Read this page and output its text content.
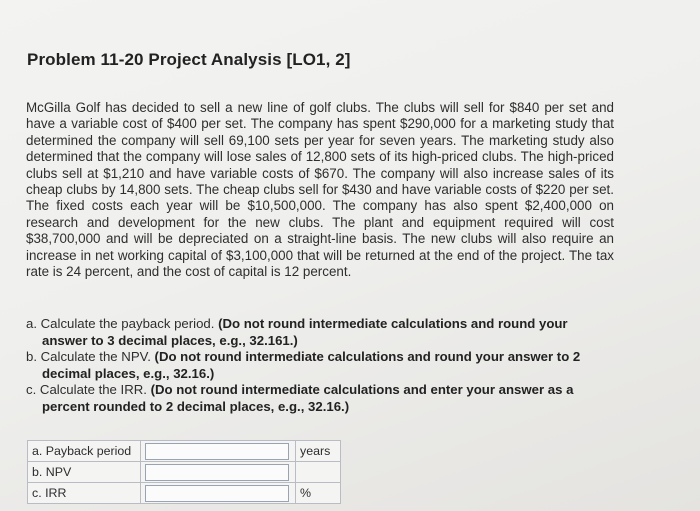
Problem 11-20 Project Analysis [LO1, 2]
McGilla Golf has decided to sell a new line of golf clubs. The clubs will sell for $840 per set and have a variable cost of $400 per set. The company has spent $290,000 for a marketing study that determined the company will sell 69,100 sets per year for seven years. The marketing study also determined that the company will lose sales of 12,800 sets of its high-priced clubs. The high-priced clubs sell at $1,210 and have variable costs of $670. The company will also increase sales of its cheap clubs by 14,800 sets. The cheap clubs sell for $430 and have variable costs of $220 per set. The fixed costs each year will be $10,500,000. The company has also spent $2,400,000 on research and development for the new clubs. The plant and equipment required will cost $38,700,000 and will be depreciated on a straight-line basis. The new clubs will also require an increase in net working capital of $3,100,000 that will be returned at the end of the project. The tax rate is 24 percent, and the cost of capital is 12 percent.
a. Calculate the payback period. (Do not round intermediate calculations and round your answer to 3 decimal places, e.g., 32.161.)
b. Calculate the NPV. (Do not round intermediate calculations and round your answer to 2 decimal places, e.g., 32.16.)
c. Calculate the IRR. (Do not round intermediate calculations and enter your answer as a percent rounded to 2 decimal places, e.g., 32.16.)
a. Payback period		years
b. NPV		
c. IRR		%
